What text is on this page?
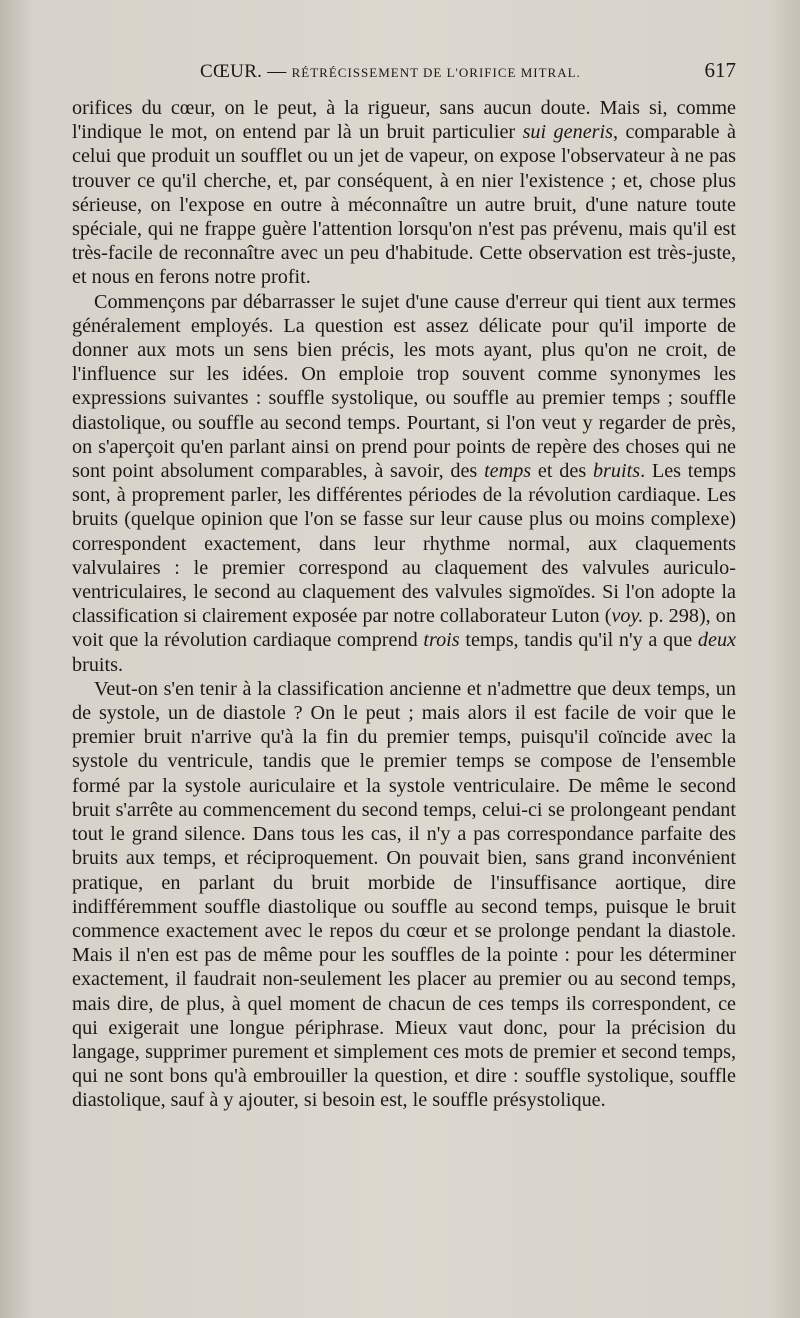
CŒUR. — RÉTRÉCISSEMENT DE L'ORIFICE MITRAL.	617

orifices du cœur, on le peut, à la rigueur, sans aucun doute. Mais si, comme l'indique le mot, on entend par là un bruit particulier sui generis, comparable à celui que produit un soufflet ou un jet de vapeur, on expose l'observateur à ne pas trouver ce qu'il cherche, et, par conséquent, à en nier l'existence ; et, chose plus sérieuse, on l'expose en outre à méconnaître un autre bruit, d'une nature toute spéciale, qui ne frappe guère l'attention lorsqu'on n'est pas prévenu, mais qu'il est très-facile de reconnaître avec un peu d'habitude. Cette observation est très-juste, et nous en ferons notre profit.

Commençons par débarrasser le sujet d'une cause d'erreur qui tient aux termes généralement employés. La question est assez délicate pour qu'il importe de donner aux mots un sens bien précis, les mots ayant, plus qu'on ne croit, de l'influence sur les idées. On emploie trop souvent comme synonymes les expressions suivantes : souffle systolique, ou souffle au premier temps ; souffle diastolique, ou souffle au second temps. Pourtant, si l'on veut y regarder de près, on s'aperçoit qu'en parlant ainsi on prend pour points de repère des choses qui ne sont point absolument comparables, à savoir, des temps et des bruits. Les temps sont, à proprement parler, les différentes périodes de la révolution cardiaque. Les bruits (quelque opinion que l'on se fasse sur leur cause plus ou moins complexe) correspondent exactement, dans leur rhythme normal, aux claquements valvulaires : le premier correspond au claquement des valvules auriculo-ventriculaires, le second au claquement des valvules sigmoïdes. Si l'on adopte la classification si clairement exposée par notre collaborateur Luton (voy. p. 298), on voit que la révolution cardiaque comprend trois temps, tandis qu'il n'y a que deux bruits.

Veut-on s'en tenir à la classification ancienne et n'admettre que deux temps, un de systole, un de diastole ? On le peut ; mais alors il est facile de voir que le premier bruit n'arrive qu'à la fin du premier temps, puisqu'il coïncide avec la systole du ventricule, tandis que le premier temps se compose de l'ensemble formé par la systole auriculaire et la systole ventriculaire. De même le second bruit s'arrête au commencement du second temps, celui-ci se prolongeant pendant tout le grand silence. Dans tous les cas, il n'y a pas correspondance parfaite des bruits aux temps, et réciproquement. On pouvait bien, sans grand inconvénient pratique, en parlant du bruit morbide de l'insuffisance aortique, dire indifféremment souffle diastolique ou souffle au second temps, puisque le bruit commence exactement avec le repos du cœur et se prolonge pendant la diastole. Mais il n'en est pas de même pour les souffles de la pointe : pour les déterminer exactement, il faudrait non-seulement les placer au premier ou au second temps, mais dire, de plus, à quel moment de chacun de ces temps ils correspondent, ce qui exigerait une longue périphrase. Mieux vaut donc, pour la précision du langage, supprimer purement et simplement ces mots de premier et second temps, qui ne sont bons qu'à embrouiller la question, et dire : souffle systolique, souffle diastolique, sauf à y ajouter, si besoin est, le souffle présystolique.
